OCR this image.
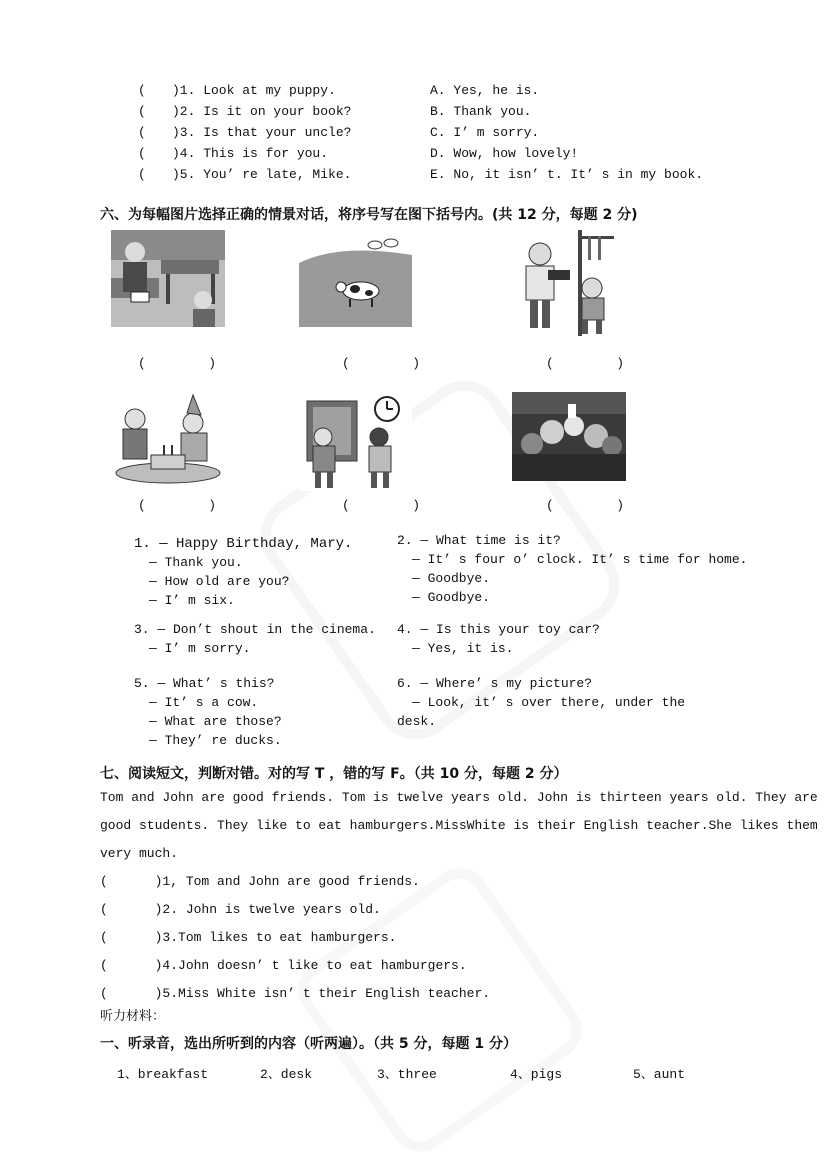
( )1. Look at my puppy.	A. Yes, he is.
( )2. Is it on your book?	B. Thank you.
( )3. Is that your uncle?	C. I’ m sorry.
( )4. This is for you.	D. Wow, how lovely!
( )5. You’ re late, Mike.	E. No, it isn’ t. It’ s in my book.
六、为每幅图片选择正确的情景对话，将序号写在图下括号内。(共 12 分，每题 2 分)
(        )	(        )	(        )
(        )	(        )	(        )
1. — Happy Birthday, Mary.
— Thank you.
— How old are you?
— I’ m six.
2. — What time is it?
— It’ s four o’ clock. It’ s time for home.
— Goodbye.
— Goodbye.
3. — Don’t shout in the cinema.
— I’ m sorry.
4. — Is this your toy car?
— Yes, it is.
5. — What’ s this?
— It’ s a cow.
— What are those?
— They’ re ducks.
6. — Where’ s my picture?
— Look, it’ s over there, under the
desk.
七、阅读短文，判断对错。对的写 T ，错的写 F。（共 10 分，每题 2 分）
Tom and John are good friends. Tom is twelve years old. John is thirteen years old. They are
good students. They like to eat hamburgers.MissWhite is their English teacher.She likes them
very much.
(      )1, Tom and John are good friends.
(      )2. John is twelve years old.
(      )3.Tom likes to eat hamburgers.
(      )4.John doesn’ t like to eat hamburgers.
(      )5.Miss White isn’ t their English teacher.
听力材料：
一、听录音，选出所听到的内容（听两遍）。（共 5 分，每题 1 分）
1、breakfast	2、desk	3、three	4、pigs	5、aunt
